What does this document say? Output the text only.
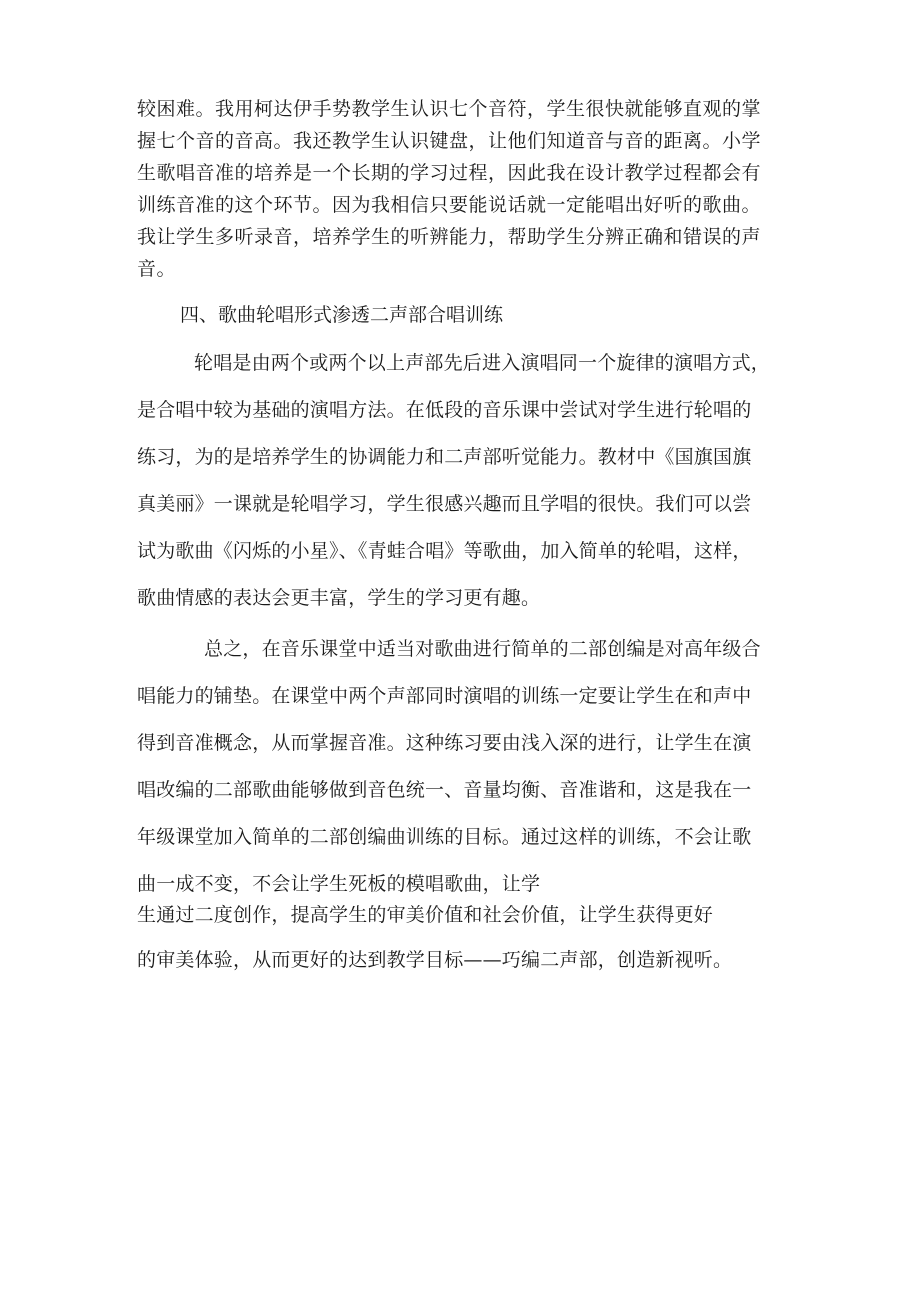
较困难。我用柯达伊手势教学生认识七个音符，学生很快就能够直观的掌
握七个音的音高。我还教学生认识键盘，让他们知道音与音的距离。小学
生歌唱音准的培养是一个长期的学习过程，因此我在设计教学过程都会有
训练音准的这个环节。因为我相信只要能说话就一定能唱出好听的歌曲。
我让学生多听录音，培养学生的听辨能力，帮助学生分辨正确和错误的声
音。
四、歌曲轮唱形式渗透二声部合唱训练
轮唱是由两个或两个以上声部先后进入演唱同一个旋律的演唱方式，
是合唱中较为基础的演唱方法。在低段的音乐课中尝试对学生进行轮唱的
练习，为的是培养学生的协调能力和二声部听觉能力。教材中《国旗国旗
真美丽》一课就是轮唱学习，学生很感兴趣而且学唱的很快。我们可以尝
试为歌曲《闪烁的小星》、《青蛙合唱》等歌曲，加入简单的轮唱，这样，
歌曲情感的表达会更丰富，学生的学习更有趣。
总之，在音乐课堂中适当对歌曲进行简单的二部创编是对高年级合
唱能力的铺垫。在课堂中两个声部同时演唱的训练一定要让学生在和声中
得到音准概念，从而掌握音准。这种练习要由浅入深的进行，让学生在演
唱改编的二部歌曲能够做到音色统一、音量均衡、音准谐和，这是我在一
年级课堂加入简单的二部创编曲训练的目标。通过这样的训练，不会让歌
曲一成不变，不会让学生死板的模唱歌曲，让学
生通过二度创作，提高学生的审美价值和社会价值，让学生获得更好
的审美体验，从而更好的达到教学目标——巧编二声部，创造新视听。
